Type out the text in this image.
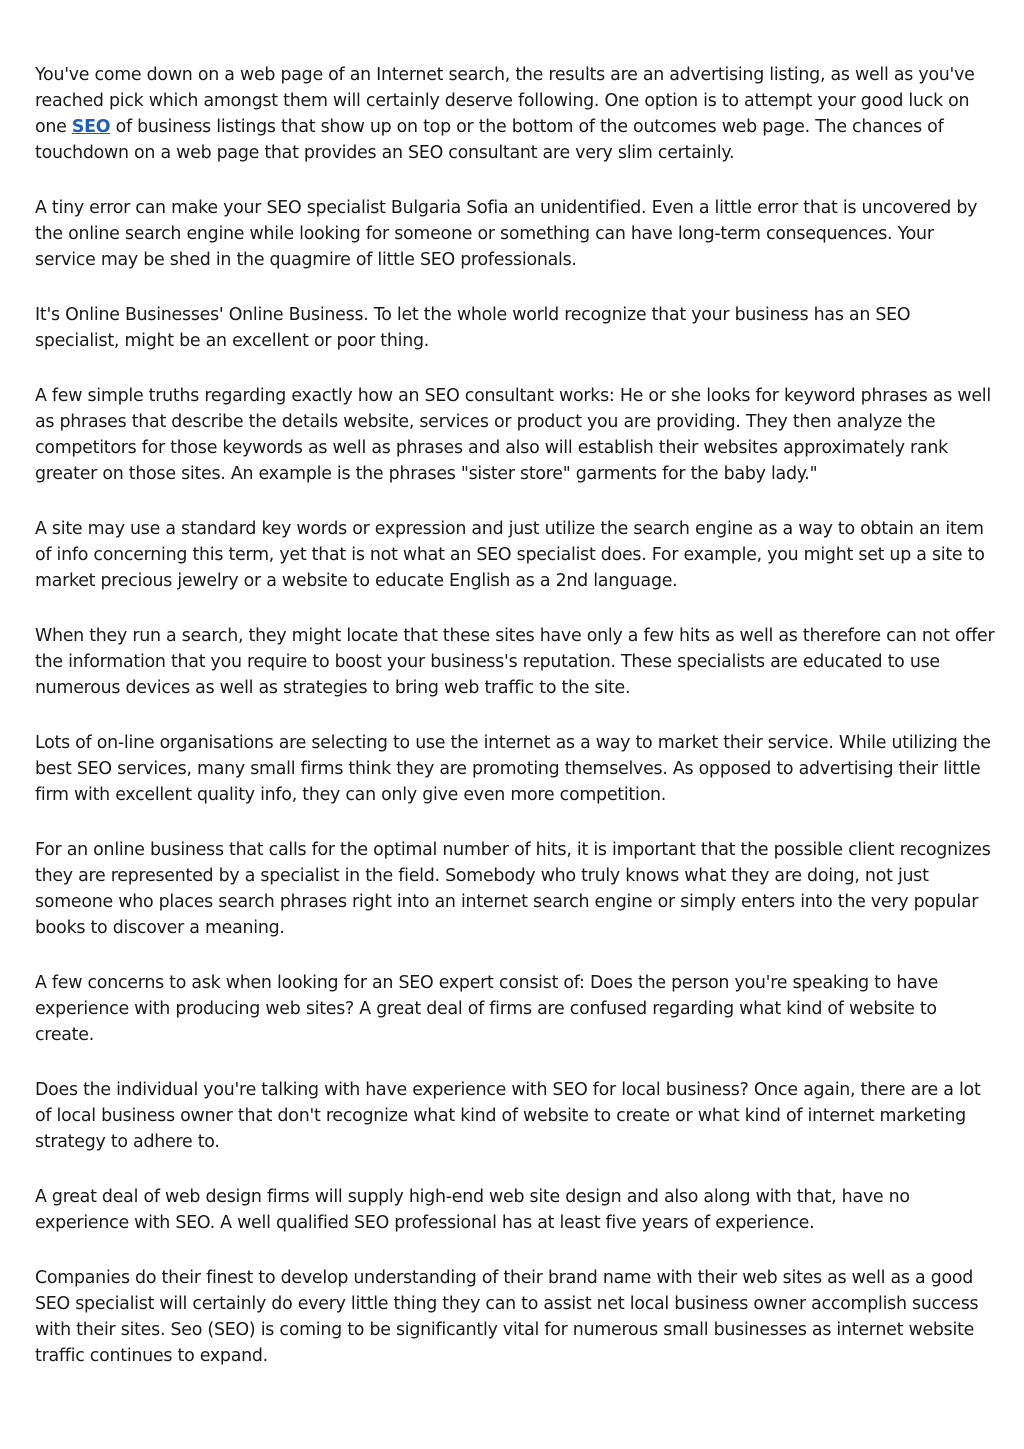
You've come down on a web page of an Internet search, the results are an advertising listing, as well as you've reached pick which amongst them will certainly deserve following. One option is to attempt your good luck on one SEO of business listings that show up on top or the bottom of the outcomes web page. The chances of touchdown on a web page that provides an SEO consultant are very slim certainly.

A tiny error can make your SEO specialist Bulgaria Sofia an unidentified. Even a little error that is uncovered by the online search engine while looking for someone or something can have long-term consequences. Your service may be shed in the quagmire of little SEO professionals.

It's Online Businesses' Online Business. To let the whole world recognize that your business has an SEO specialist, might be an excellent or poor thing.

A few simple truths regarding exactly how an SEO consultant works: He or she looks for keyword phrases as well as phrases that describe the details website, services or product you are providing. They then analyze the competitors for those keywords as well as phrases and also will establish their websites approximately rank greater on those sites. An example is the phrases "sister store" garments for the baby lady."

A site may use a standard key words or expression and just utilize the search engine as a way to obtain an item of info concerning this term, yet that is not what an SEO specialist does. For example, you might set up a site to market precious jewelry or a website to educate English as a 2nd language.

When they run a search, they might locate that these sites have only a few hits as well as therefore can not offer the information that you require to boost your business's reputation. These specialists are educated to use numerous devices as well as strategies to bring web traffic to the site.

Lots of on-line organisations are selecting to use the internet as a way to market their service. While utilizing the best SEO services, many small firms think they are promoting themselves. As opposed to advertising their little firm with excellent quality info, they can only give even more competition.

For an online business that calls for the optimal number of hits, it is important that the possible client recognizes they are represented by a specialist in the field. Somebody who truly knows what they are doing, not just someone who places search phrases right into an internet search engine or simply enters into the very popular books to discover a meaning.

A few concerns to ask when looking for an SEO expert consist of: Does the person you're speaking to have experience with producing web sites? A great deal of firms are confused regarding what kind of website to create.

Does the individual you're talking with have experience with SEO for local business? Once again, there are a lot of local business owner that don't recognize what kind of website to create or what kind of internet marketing strategy to adhere to.

A great deal of web design firms will supply high-end web site design and also along with that, have no experience with SEO. A well qualified SEO professional has at least five years of experience.

Companies do their finest to develop understanding of their brand name with their web sites as well as a good SEO specialist will certainly do every little thing they can to assist net local business owner accomplish success with their sites. Seo (SEO) is coming to be significantly vital for numerous small businesses as internet website traffic continues to expand.
